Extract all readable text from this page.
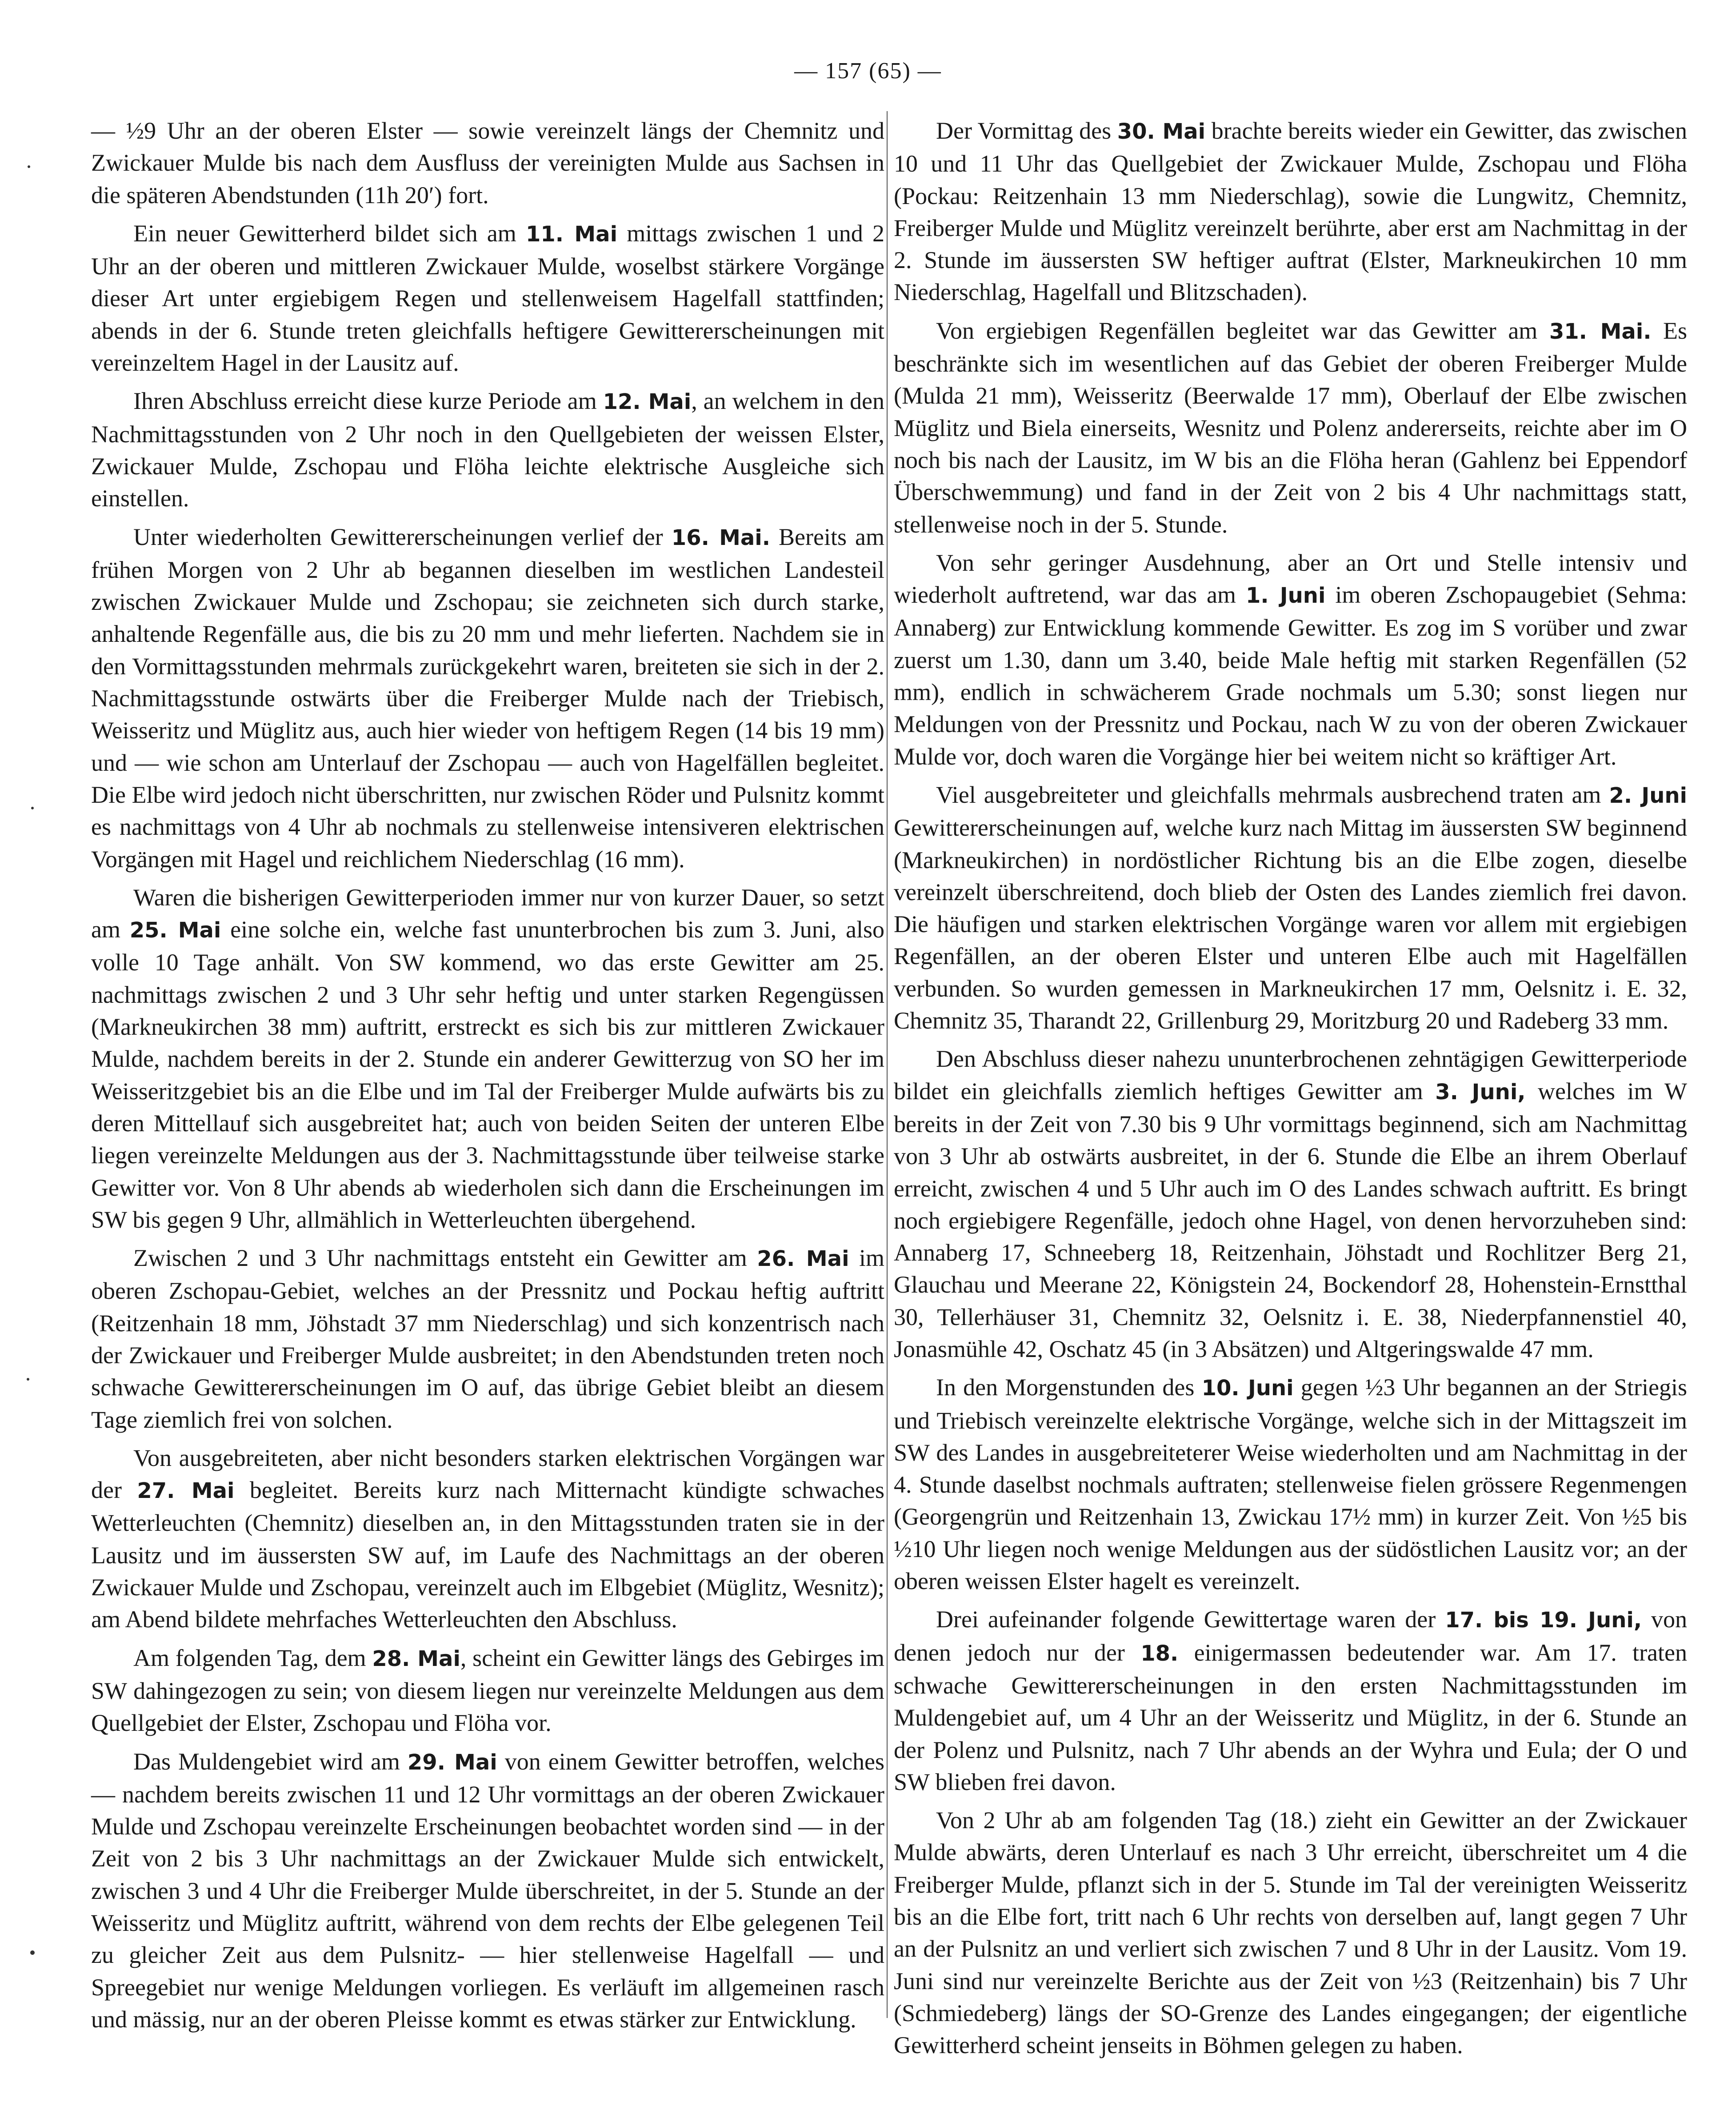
— 157 (65) —

— ½9 Uhr an der oberen Elster — sowie vereinzelt längs der Chemnitz und Zwickauer Mulde bis nach dem Ausfluss der vereinigten Mulde aus Sachsen in die späteren Abendstunden (11h 20′) fort.

Ein neuer Gewitterherd bildet sich am 11. Mai mittags zwischen 1 und 2 Uhr an der oberen und mittleren Zwickauer Mulde, woselbst stärkere Vorgänge dieser Art unter ergiebigem Regen und stellenweisem Hagelfall stattfinden; abends in der 6. Stunde treten gleichfalls heftigere Gewittererscheinungen mit vereinzeltem Hagel in der Lausitz auf.

Ihren Abschluss erreicht diese kurze Periode am 12. Mai, an welchem in den Nachmittagsstunden von 2 Uhr noch in den Quellgebieten der weissen Elster, Zwickauer Mulde, Zschopau und Flöha leichte elektrische Ausgleiche sich einstellen.

Unter wiederholten Gewittererscheinungen verlief der 16. Mai. Bereits am frühen Morgen von 2 Uhr ab begannen dieselben im westlichen Landesteil zwischen Zwickauer Mulde und Zschopau; sie zeichneten sich durch starke, anhaltende Regenfälle aus, die bis zu 20 mm und mehr lieferten. Nachdem sie in den Vormittagsstunden mehrmals zurückgekehrt waren, breiteten sie sich in der 2. Nachmittagsstunde ostwärts über die Freiberger Mulde nach der Triebisch, Weisseritz und Müglitz aus, auch hier wieder von heftigem Regen (14 bis 19 mm) und — wie schon am Unterlauf der Zschopau — auch von Hagelfällen begleitet. Die Elbe wird jedoch nicht überschritten, nur zwischen Röder und Pulsnitz kommt es nachmittags von 4 Uhr ab nochmals zu stellenweise intensiveren elektrischen Vorgängen mit Hagel und reichlichem Niederschlag (16 mm).

Waren die bisherigen Gewitterperioden immer nur von kurzer Dauer, so setzt am 25. Mai eine solche ein, welche fast ununterbrochen bis zum 3. Juni, also volle 10 Tage anhält. Von SW kommend, wo das erste Gewitter am 25. nachmittags zwischen 2 und 3 Uhr sehr heftig und unter starken Regengüssen (Markneukirchen 38 mm) auftritt, erstreckt es sich bis zur mittleren Zwickauer Mulde, nachdem bereits in der 2. Stunde ein anderer Gewitterzug von SO her im Weisseritzgebiet bis an die Elbe und im Tal der Freiberger Mulde aufwärts bis zu deren Mittellauf sich ausgebreitet hat; auch von beiden Seiten der unteren Elbe liegen vereinzelte Meldungen aus der 3. Nachmittagsstunde über teilweise starke Gewitter vor. Von 8 Uhr abends ab wiederholen sich dann die Erscheinungen im SW bis gegen 9 Uhr, allmählich in Wetterleuchten übergehend.

Zwischen 2 und 3 Uhr nachmittags entsteht ein Gewitter am 26. Mai im oberen Zschopau-Gebiet, welches an der Pressnitz und Pockau heftig auftritt (Reitzenhain 18 mm, Jöhstadt 37 mm Niederschlag) und sich konzentrisch nach der Zwickauer und Freiberger Mulde ausbreitet; in den Abendstunden treten noch schwache Gewittererscheinungen im O auf, das übrige Gebiet bleibt an diesem Tage ziemlich frei von solchen.

Von ausgebreiteten, aber nicht besonders starken elektrischen Vorgängen war der 27. Mai begleitet. Bereits kurz nach Mitternacht kündigte schwaches Wetterleuchten (Chemnitz) dieselben an, in den Mittagsstunden traten sie in der Lausitz und im äussersten SW auf, im Laufe des Nachmittags an der oberen Zwickauer Mulde und Zschopau, vereinzelt auch im Elbgebiet (Müglitz, Wesnitz); am Abend bildete mehrfaches Wetterleuchten den Abschluss.

Am folgenden Tag, dem 28. Mai, scheint ein Gewitter längs des Gebirges im SW dahingezogen zu sein; von diesem liegen nur vereinzelte Meldungen aus dem Quellgebiet der Elster, Zschopau und Flöha vor.

Das Muldengebiet wird am 29. Mai von einem Gewitter betroffen, welches — nachdem bereits zwischen 11 und 12 Uhr vormittags an der oberen Zwickauer Mulde und Zschopau vereinzelte Erscheinungen beobachtet worden sind — in der Zeit von 2 bis 3 Uhr nachmittags an der Zwickauer Mulde sich entwickelt, zwischen 3 und 4 Uhr die Freiberger Mulde überschreitet, in der 5. Stunde an der Weisseritz und Müglitz auftritt, während von dem rechts der Elbe gelegenen Teil zu gleicher Zeit aus dem Pulsnitz- — hier stellenweise Hagelfall — und Spreegebiet nur wenige Meldungen vorliegen. Es verläuft im allgemeinen rasch und mässig, nur an der oberen Pleisse kommt es etwas stärker zur Entwicklung.

Der Vormittag des 30. Mai brachte bereits wieder ein Gewitter, das zwischen 10 und 11 Uhr das Quellgebiet der Zwickauer Mulde, Zschopau und Flöha (Pockau: Reitzenhain 13 mm Niederschlag), sowie die Lungwitz, Chemnitz, Freiberger Mulde und Müglitz vereinzelt berührte, aber erst am Nachmittag in der 2. Stunde im äussersten SW heftiger auftrat (Elster, Markneukirchen 10 mm Niederschlag, Hagelfall und Blitzschaden).

Von ergiebigen Regenfällen begleitet war das Gewitter am 31. Mai. Es beschränkte sich im wesentlichen auf das Gebiet der oberen Freiberger Mulde (Mulda 21 mm), Weisseritz (Beerwalde 17 mm), Oberlauf der Elbe zwischen Müglitz und Biela einerseits, Wesnitz und Polenz andererseits, reichte aber im O noch bis nach der Lausitz, im W bis an die Flöha heran (Gahlenz bei Eppendorf Überschwemmung) und fand in der Zeit von 2 bis 4 Uhr nachmittags statt, stellenweise noch in der 5. Stunde.

Von sehr geringer Ausdehnung, aber an Ort und Stelle intensiv und wiederholt auftretend, war das am 1. Juni im oberen Zschopaugebiet (Sehma: Annaberg) zur Entwicklung kommende Gewitter. Es zog im S vorüber und zwar zuerst um 1.30, dann um 3.40, beide Male heftig mit starken Regenfällen (52 mm), endlich in schwächerem Grade nochmals um 5.30; sonst liegen nur Meldungen von der Pressnitz und Pockau, nach W zu von der oberen Zwickauer Mulde vor, doch waren die Vorgänge hier bei weitem nicht so kräftiger Art.

Viel ausgebreiteter und gleichfalls mehrmals ausbrechend traten am 2. Juni Gewittererscheinungen auf, welche kurz nach Mittag im äussersten SW beginnend (Markneukirchen) in nordöstlicher Richtung bis an die Elbe zogen, dieselbe vereinzelt überschreitend, doch blieb der Osten des Landes ziemlich frei davon. Die häufigen und starken elektrischen Vorgänge waren vor allem mit ergiebigen Regenfällen, an der oberen Elster und unteren Elbe auch mit Hagelfällen verbunden. So wurden gemessen in Markneukirchen 17 mm, Oelsnitz i. E. 32, Chemnitz 35, Tharandt 22, Grillenburg 29, Moritzburg 20 und Radeberg 33 mm.

Den Abschluss dieser nahezu ununterbrochenen zehntägigen Gewitterperiode bildet ein gleichfalls ziemlich heftiges Gewitter am 3. Juni, welches im W bereits in der Zeit von 7.30 bis 9 Uhr vormittags beginnend, sich am Nachmittag von 3 Uhr ab ostwärts ausbreitet, in der 6. Stunde die Elbe an ihrem Oberlauf erreicht, zwischen 4 und 5 Uhr auch im O des Landes schwach auftritt. Es bringt noch ergiebigere Regenfälle, jedoch ohne Hagel, von denen hervorzuheben sind: Annaberg 17, Schneeberg 18, Reitzenhain, Jöhstadt und Rochlitzer Berg 21, Glauchau und Meerane 22, Königstein 24, Bockendorf 28, Hohenstein-Ernstthal 30, Tellerhäuser 31, Chemnitz 32, Oelsnitz i. E. 38, Niederpfannenstiel 40, Jonasmühle 42, Oschatz 45 (in 3 Absätzen) und Altgeringswalde 47 mm.

In den Morgenstunden des 10. Juni gegen ½3 Uhr begannen an der Striegis und Triebisch vereinzelte elektrische Vorgänge, welche sich in der Mittagszeit im SW des Landes in ausgebreiteterer Weise wiederholten und am Nachmittag in der 4. Stunde daselbst nochmals auftraten; stellenweise fielen grössere Regenmengen (Georgengrün und Reitzenhain 13, Zwickau 17½ mm) in kurzer Zeit. Von ½5 bis ½10 Uhr liegen noch wenige Meldungen aus der südöstlichen Lausitz vor; an der oberen weissen Elster hagelt es vereinzelt.

Drei aufeinander folgende Gewittertage waren der 17. bis 19. Juni, von denen jedoch nur der 18. einigermassen bedeutender war. Am 17. traten schwache Gewittererscheinungen in den ersten Nachmittagsstunden im Muldengebiet auf, um 4 Uhr an der Weisseritz und Müglitz, in der 6. Stunde an der Polenz und Pulsnitz, nach 7 Uhr abends an der Wyhra und Eula; der O und SW blieben frei davon.

Von 2 Uhr ab am folgenden Tag (18.) zieht ein Gewitter an der Zwickauer Mulde abwärts, deren Unterlauf es nach 3 Uhr erreicht, überschreitet um 4 die Freiberger Mulde, pflanzt sich in der 5. Stunde im Tal der vereinigten Weisseritz bis an die Elbe fort, tritt nach 6 Uhr rechts von derselben auf, langt gegen 7 Uhr an der Pulsnitz an und verliert sich zwischen 7 und 8 Uhr in der Lausitz. Vom 19. Juni sind nur vereinzelte Berichte aus der Zeit von ½3 (Reitzenhain) bis 7 Uhr (Schmiedeberg) längs der SO-Grenze des Landes eingegangen; der eigentliche Gewitterherd scheint jenseits in Böhmen gelegen zu haben.
